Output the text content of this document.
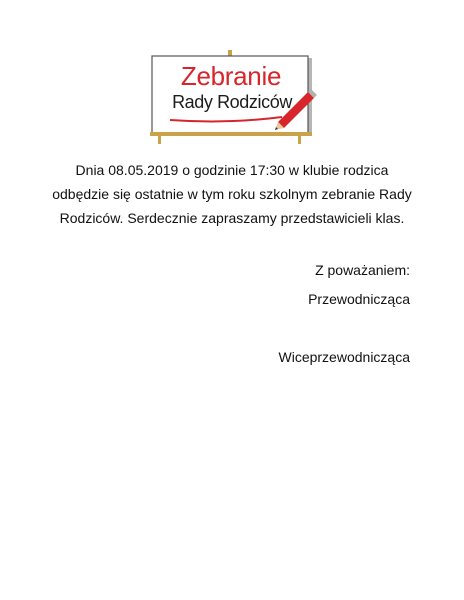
Zebranie
Rady Rodziców
Dnia 08.05.2019 o godzinie 17:30 w klubie rodzica
odbędzie się ostatnie w tym roku szkolnym zebranie Rady
Rodziców. Serdecznie zapraszamy przedstawicieli klas.
Z poważaniem:
Przewodnicząca
Wiceprzewodnicząca
